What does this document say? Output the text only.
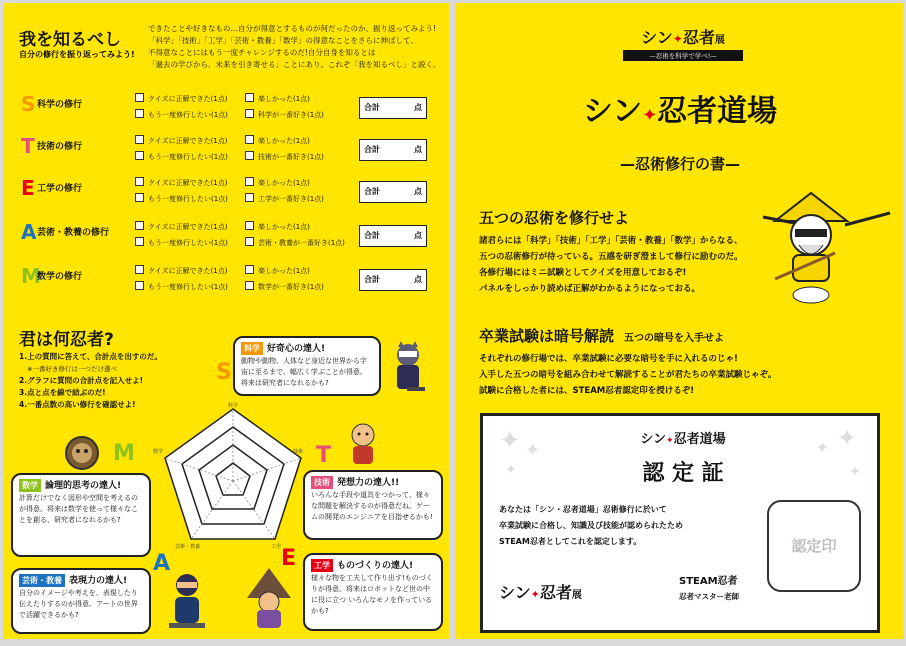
我を知るべし
自分の修行を振り返ってみよう!
できたことや好きなもの…自分が得意とするものが何だったのか、振り返ってみよう!
「科学」「技術」「工学」「芸術・教養」「数学」の得意なことをさらに伸ばして、
不得意なことにはもう一度チャレンジするのだ!自分自身を知るとは
「過去の学びから、未来を引き寄せる」ことにあり。これぞ「我を知るべし」と説く。
S 科学の修行
クイズに正解できた(1点)
もう一度修行したい(1点)
楽しかった(1点)
科学が一番好き(1点)
合計	点
T 技術の修行
クイズに正解できた(1点)
もう一度修行したい(1点)
楽しかった(1点)
技術が一番好き(1点)
合計	点
E 工学の修行
クイズに正解できた(1点)
もう一度修行したい(1点)
楽しかった(1点)
工学が一番好き(1点)
合計	点
A 芸術・教養の修行
クイズに正解できた(1点)
もう一度修行したい(1点)
楽しかった(1点)
芸術・教養が一番好き(1点)
合計	点
M
数学の修行
クイズに正解できた(1点)
もう一度修行したい(1点)
楽しかった(1点)
数学が一番好き(1点)
合計	点
君は何忍者?
1.上の質問に答えて、合計点を出すのだ。
※一番好き修行は一つだけ選べ
2.グラフに質問の合計点を記入せよ!
3.点と点を線で結ぶのだ!
4.一番点数の高い修行を確認せよ!	科学
技術
工学
芸術・教養
数学
S
T
E
A
M
科学 好奇心の達人!
動物や動物、人体など身近な世界から宇宙に至るまで、幅広く学ぶことが得意。将来は研究者になれるかも?
技術 発想力の達人!!
いろんな手段や道具をつかって、様々な問題を解決するのが得意だね。ゲームの開発のエンジニアを目指せるかも!
工学 ものづくりの達人!
様々な物を工夫して作り出す!ものづくりが得意。将来はロボットなど世の中に役に立つ いろんなモノを作っているかも?
芸術・教養 表現力の達人!
自分のイメージや考えを、表現したり伝えたりするのが得意。アートの世界で活躍できるかも?
数学 論理的思考の達人!
計算だけでなく図形や空間を考えるのが得意。将来は数学を使って様々なことを創る、研究者になれるかも?
シン✦忍者展
—忍術を科学で学べ!—
シン✦忍者道場
—忍術修行の書—
五つの忍術を修行せよ
諸君らには「科学」「技術」「工学」「芸術・教養」「数学」からなる、
五つの忍術修行が待っている。五感を研ぎ澄まして修行に励むのだ。
各修行場にはミニ試験としてクイズを用意しておるぞ!
パネルをしっかり読めば正解がわかるようになっておる。
卒業試験は暗号解読 五つの暗号を入手せよ
それぞれの修行場では、卒業試験に必要な暗号を手に入れるのじゃ!
入手した五つの暗号を組み合わせて解読することが君たちの卒業試験じゃぞ。
試験に合格した者には、STEAM忍者認定印を授けるぞ!
✦ ✦
✦
✦
✦
✦
シン✦忍者道場
認 定 証
あなたは「シン・忍者道場」忍術修行に於いて
卒業試験に合格し、知識及び技能が認められたため
STEAM忍者としてこれを認定します。	認定印
シン✦忍者展
STEAM忍者
忍者マスター老師
